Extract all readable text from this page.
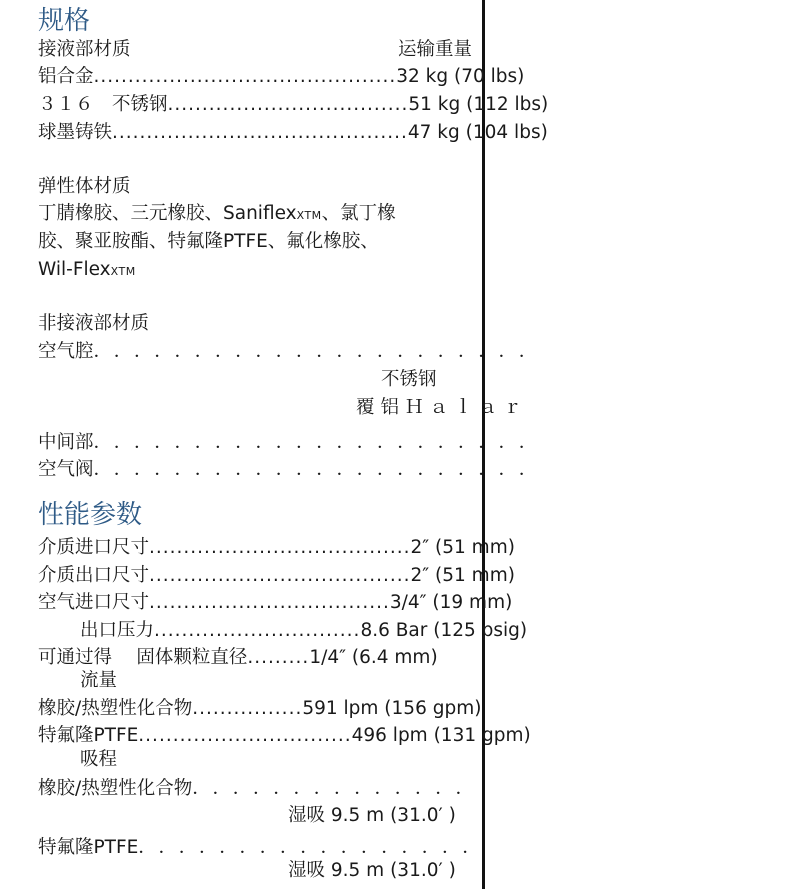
规格
接液部材质	运输重量
铝合金............................................32 kg (70 lbs)
３１６　不锈钢...................................51 kg (112 lbs)
球墨铸铁...........................................47 kg (104 lbs)
弹性体材质
丁腈橡胶、三元橡胶、SaniflexXTM、氯丁橡
胶、聚亚胺酯、特氟隆PTFE、氟化橡胶、
Wil-FlexXTM
非接液部材质
空气腔．．．．．．．．．．．．．．．．．．．．．．
不锈钢
覆铝Ｈａｌａｒ
中间部．．．．．．．．．．．．．．．．．．．．．．
空气阀．．．．．．．．．．．．．．．．．．．．．．
性能参数
介质进口尺寸......................................2″ (51 mm)
介质出口尺寸......................................2″ (51 mm)
空气进口尺寸...................................3/4″ (19 mm)
出口压力..............................8.6 Bar (125 psig)
可通过得　 固体颗粒直径.........1/4″ (6.4 mm)
流量
橡胶/热塑性化合物................591 lpm (156 gpm)
特氟隆PTFE...............................496 lpm (131 gpm)
吸程
橡胶/热塑性化合物．．．．．．．．．．．．．．
湿吸 9.5 m (31.0′ )
特氟隆PTFE．．．．．．．．．．．．．．．．．
湿吸 9.5 m (31.0′ )
